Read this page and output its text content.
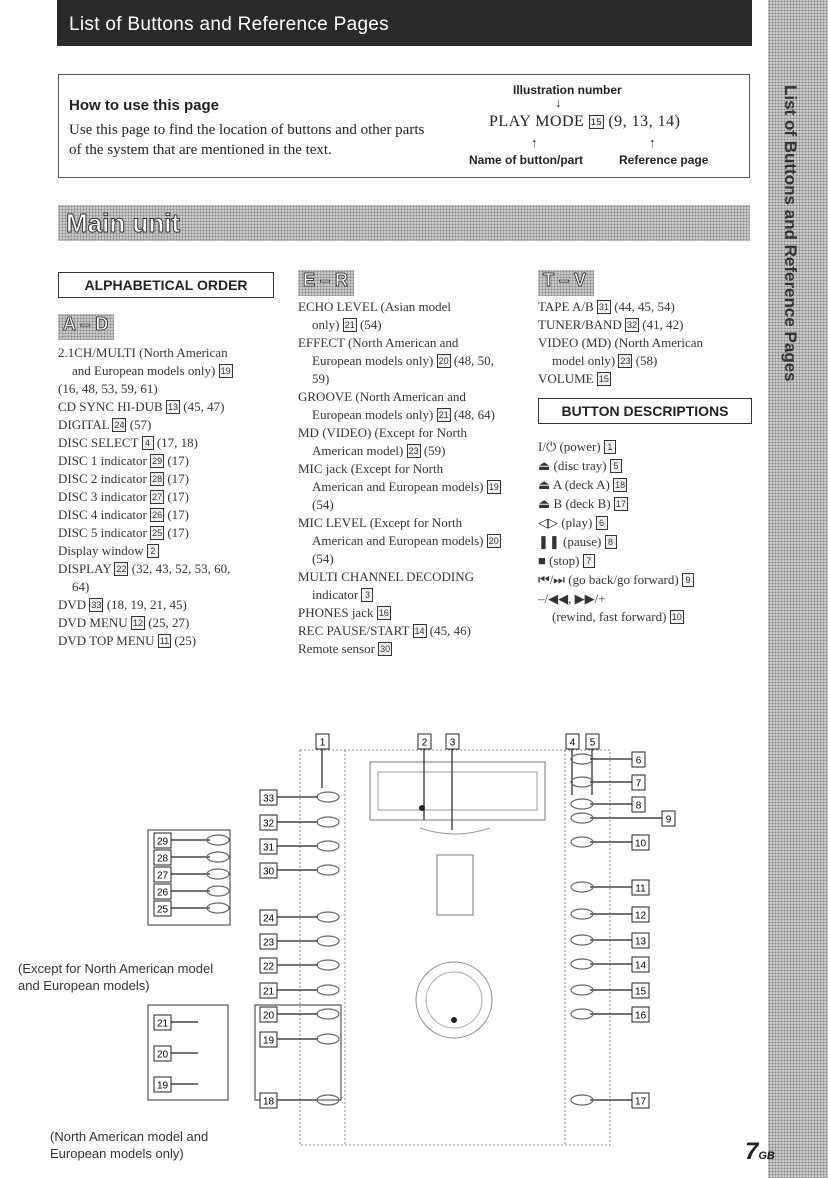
List of Buttons and Reference Pages
List of Buttons and Reference Pages
How to use this page
Use this page to find the location of buttons and other parts of the system that are mentioned in the text.
Illustration number
↓
PLAY MODE 15 (9, 13, 14)
↑	↑
Name of button/part	Reference page
Main unit
ALPHABETICAL ORDER
A – D
E – R	T – V
2.1CH/MULTI (North American
and European models only) 19
(16, 48, 53, 59, 61)
CD SYNC HI-DUB 13 (45, 47)
DIGITAL 24 (57)
DISC SELECT 4 (17, 18)
DISC 1 indicator 29 (17)
DISC 2 indicator 28 (17)
DISC 3 indicator 27 (17)
DISC 4 indicator 26 (17)
DISC 5 indicator 25 (17)
Display window 2
DISPLAY 22 (32, 43, 52, 53, 60,
64)
DVD 33 (18, 19, 21, 45)
DVD MENU 12 (25, 27)
DVD TOP MENU 11 (25)
ECHO LEVEL (Asian model
only) 21 (54)
EFFECT (North American and
European models only) 20 (48, 50, 59)
GROOVE (North American and
European models only) 21 (48, 64)
MD (VIDEO) (Except for North
American model) 23 (59)
MIC jack (Except for North
American and European models) 19 (54)
MIC LEVEL (Except for North
American and European models) 20 (54)
MULTI CHANNEL DECODING
indicator 3
PHONES jack 16
REC PAUSE/START 14 (45, 46)
Remote sensor 30
TAPE A/B 31 (44, 45, 54)
TUNER/BAND 32 (41, 42)
VIDEO (MD) (North American
model only) 23 (58)
VOLUME 15
BUTTON DESCRIPTIONS
I/⏻ (power) 1
⏏ (disc tray) 5
⏏ A (deck A) 18
⏏ B (deck B) 17
◁▷ (play) 6
❚❚ (pause) 8
■ (stop) 7
⏮/⏭ (go back/go forward) 9
–/◀◀, ▶▶/+
(rewind, fast forward) 10
1	2 3	4 5
29
28
27
26
25
33
32
31
30
24
23
22
21
20
19
18
21
20
19
6
7
8
9
10
11
12
13
14
15
16
17
(Except for North American model and European models)
(North American model and European models only)	7GB
